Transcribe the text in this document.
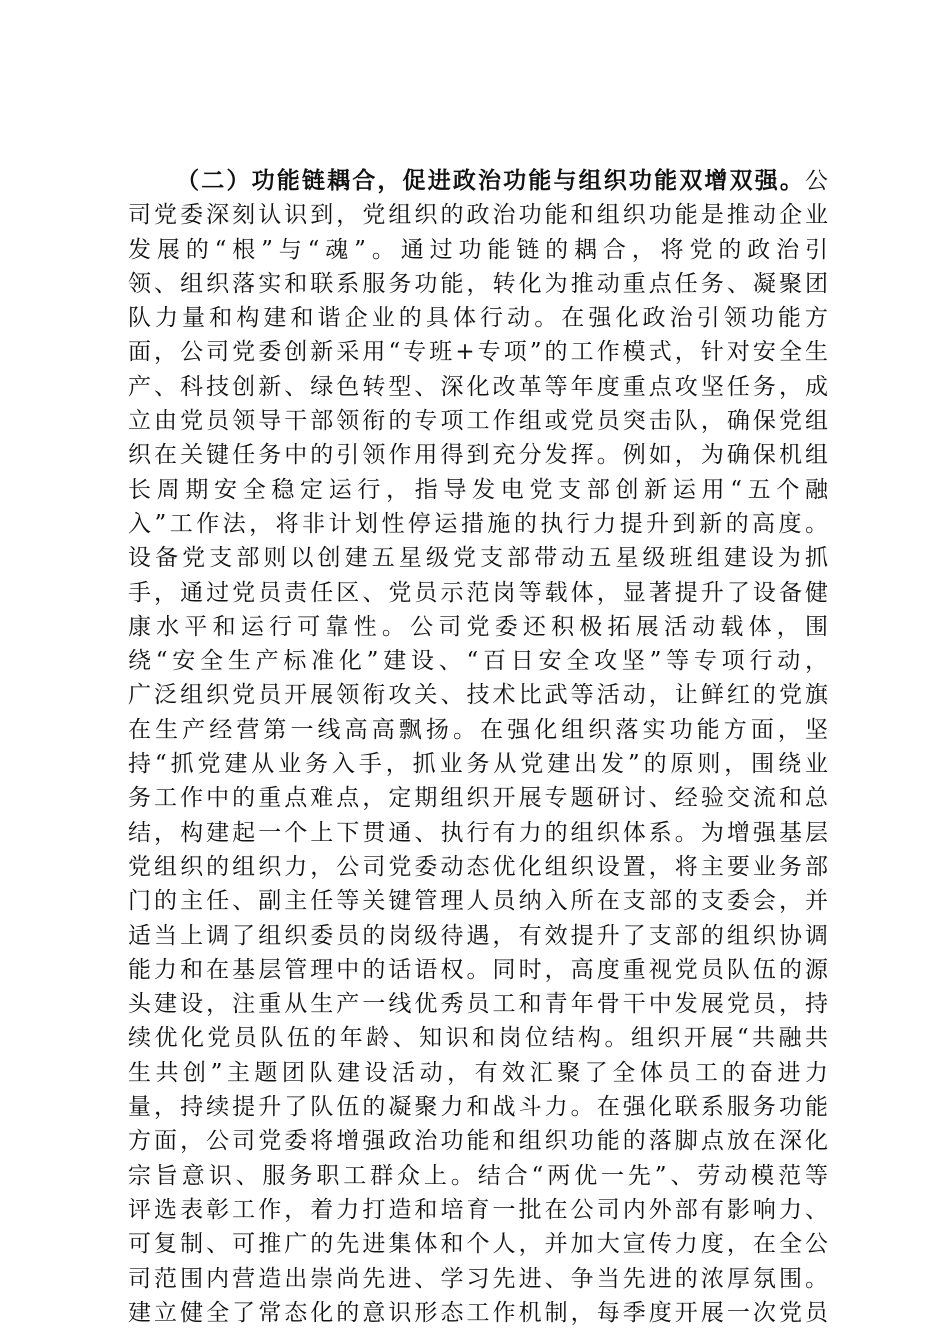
（二）功能链耦合，促进政治功能与组织功能双增双强。公
司党委深刻认识到，党组织的政治功能和组织功能是推动企业
发展的“根”与“魂”。通过功能链的耦合，将党的政治引
领、组织落实和联系服务功能，转化为推动重点任务、凝聚团
队力量和构建和谐企业的具体行动。在强化政治引领功能方
面，公司党委创新采用“专班+专项”的工作模式，针对安全生
产、科技创新、绿色转型、深化改革等年度重点攻坚任务，成
立由党员领导干部领衔的专项工作组或党员突击队，确保党组
织在关键任务中的引领作用得到充分发挥。例如，为确保机组
长周期安全稳定运行，指导发电党支部创新运用“五个融
入”工作法，将非计划性停运措施的执行力提升到新的高度。
设备党支部则以创建五星级党支部带动五星级班组建设为抓
手，通过党员责任区、党员示范岗等载体，显著提升了设备健
康水平和运行可靠性。公司党委还积极拓展活动载体，围
绕“安全生产标准化”建设、“百日安全攻坚”等专项行动，
广泛组织党员开展领衔攻关、技术比武等活动，让鲜红的党旗
在生产经营第一线高高飘扬。在强化组织落实功能方面，坚
持“抓党建从业务入手，抓业务从党建出发”的原则，围绕业
务工作中的重点难点，定期组织开展专题研讨、经验交流和总
结，构建起一个上下贯通、执行有力的组织体系。为增强基层
党组织的组织力，公司党委动态优化组织设置，将主要业务部
门的主任、副主任等关键管理人员纳入所在支部的支委会，并
适当上调了组织委员的岗级待遇，有效提升了支部的组织协调
能力和在基层管理中的话语权。同时，高度重视党员队伍的源
头建设，注重从生产一线优秀员工和青年骨干中发展党员，持
续优化党员队伍的年龄、知识和岗位结构。组织开展“共融共
生共创”主题团队建设活动，有效汇聚了全体员工的奋进力
量，持续提升了队伍的凝聚力和战斗力。在强化联系服务功能
方面，公司党委将增强政治功能和组织功能的落脚点放在深化
宗旨意识、服务职工群众上。结合“两优一先”、劳动模范等
评选表彰工作，着力打造和培育一批在公司内外部有影响力、
可复制、可推广的先进集体和个人，并加大宣传力度，在全公
司范围内营造出崇尚先进、学习先进、争当先进的浓厚氛围。
建立健全了常态化的意识形态工作机制，每季度开展一次党员
